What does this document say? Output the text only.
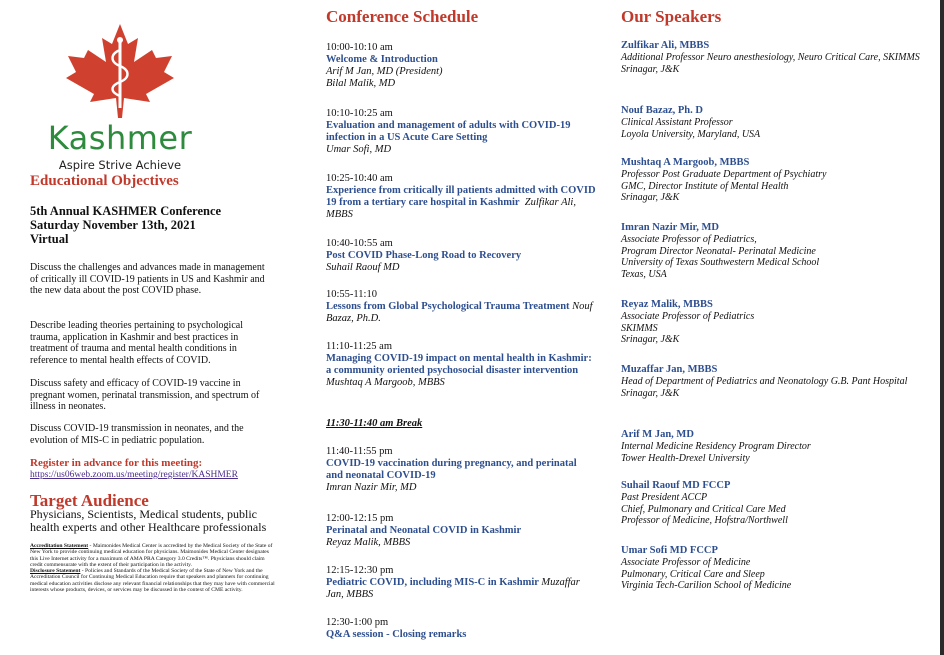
Kashmer
Aspire Strive Achieve
Educational Objectives
5th Annual KASHMER Conference
Saturday November 13th, 2021
Virtual

Discuss the challenges and advances made in management of critically ill COVID-19 patients in US and Kashmir and the new data about the post COVID phase.

Describe leading theories pertaining to psychological trauma, application in Kashmir and best practices in treatment of trauma and mental health conditions in reference to mental health effects of COVID.

Discuss safety and efficacy of COVID-19 vaccine in pregnant women, perinatal transmission, and spectrum of illness in neonates.

Discuss COVID-19 transmission in neonates, and the evolution of MIS-C in pediatric population.

Register in advance for this meeting:
https://us06web.zoom.us/meeting/register/KASHMER
Target Audience
Physicians, Scientists, Medical students, public health experts and other Healthcare professionals
Accreditation Statement - Maimonides Medical Center is accredited by the Medical Society of the State of New York to provide continuing medical education for physicians. Maimonides Medical Center designates this Live Internet activity for a maximum of AMA PRA Category 3.0 Credits™. Physicians should claim credit commensurate with the extent of their participation in the activity.
Disclosure Statement - Policies and Standards of the Medical Society of the State of New York and the Accreditation Council for Continuing Medical Education require that speakers and planners for continuing medical education activities disclose any relevant financial relationships that they may have with commercial interests whose products, devices, or services may be discussed in the context of CME activity.
Conference Schedule
10:00-10:10 am
Welcome & Introduction
Arif M Jan, MD (President)
Bilal Malik, MD
10:10-10:25 am
Evaluation and management of adults with COVID-19 infection in a US Acute Care Setting
Umar Sofi, MD
10:25-10:40 am
Experience from critically ill patients admitted with COVID 19 from a tertiary care hospital in Kashmir Zulfikar Ali, MBBS
10:40-10:55 am
Post COVID Phase-Long Road to Recovery
Suhail Raouf MD
10:55-11:10
Lessons from Global Psychological Trauma Treatment Nouf Bazaz, Ph.D.
11:10-11:25 am
Managing COVID-19 impact on mental health in Kashmir: a community oriented psychosocial disaster intervention
Mushtaq A Margoob, MBBS
11:30-11:40 am Break
11:40-11:55 pm
COVID-19 vaccination during pregnancy, and perinatal and neonatal COVID-19
Imran Nazir Mir, MD
12:00-12:15 pm
Perinatal and Neonatal COVID in Kashmir
Reyaz Malik, MBBS
12:15-12:30 pm
Pediatric COVID, including MIS-C in Kashmir Muzaffar Jan, MBBS
12:30-1:00 pm
Q&A session - Closing remarks
Our Speakers
Zulfikar Ali, MBBS
Additional Professor Neuro anesthesiology, Neuro Critical Care, SKIMMS
Srinagar, J&K
Nouf Bazaz, Ph. D
Clinical Assistant Professor
Loyola University, Maryland, USA
Mushtaq A Margoob, MBBS
Professor Post Graduate Department of Psychiatry
GMC, Director Institute of Mental Health
Srinagar, J&K
Imran Nazir Mir, MD
Associate Professor of Pediatrics,
Program Director Neonatal- Perinatal Medicine
University of Texas Southwestern Medical School
Texas, USA
Reyaz Malik, MBBS
Associate Professor of Pediatrics
SKIMMS
Srinagar, J&K
Muzaffar Jan, MBBS
Head of Department of Pediatrics and Neonatology G.B. Pant Hospital
Srinagar, J&K
Arif M Jan, MD
Internal Medicine Residency Program Director
Tower Health-Drexel University
Suhail Raouf MD FCCP
Past President ACCP
Chief, Pulmonary and Critical Care Med
Professor of Medicine, Hofstra/Northwell
Umar Sofi MD FCCP
Associate Professor of Medicine
Pulmonary, Critical Care and Sleep
Virginia Tech-Carilion School of Medicine
